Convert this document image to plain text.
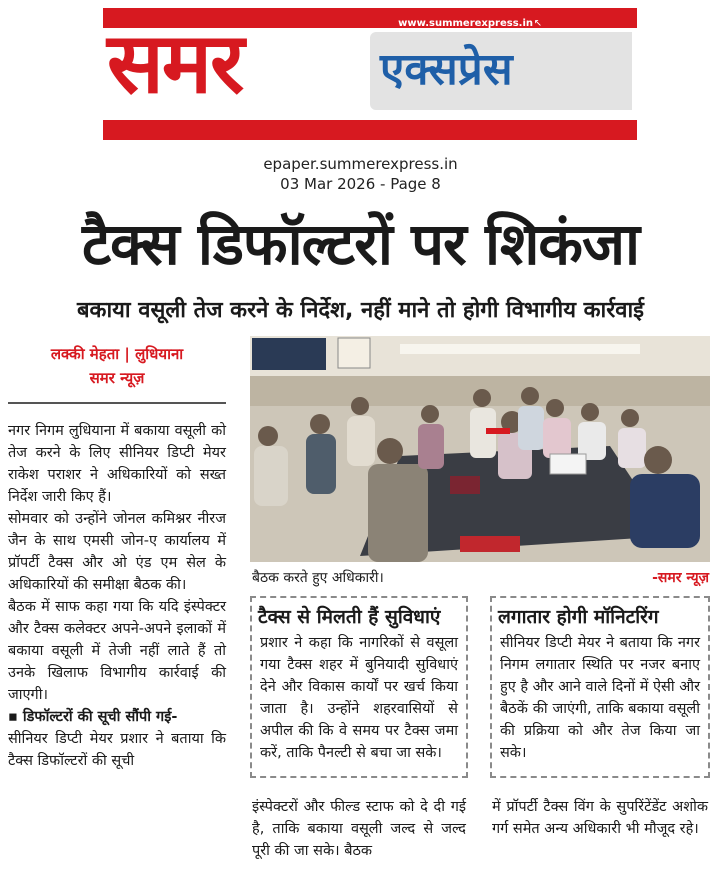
www.summerexpress.in ↖
समर	एक्सप्रेस
epaper.summerexpress.in
03 Mar 2026 - Page 8
टैक्स डिफॉल्टरों पर शिकंजा
बकाया वसूली तेज करने के निर्देश, नहीं माने तो होगी विभागीय कार्रवाई
लक्की मेहता | लुधियाना
समर न्यूज़

नगर निगम लुधियाना में बकाया वसूली को तेज करने के लिए सीनियर डिप्टी मेयर राकेश पराशर ने अधिकारियों को सख्त निर्देश जारी किए हैं।

सोमवार को उन्होंने जोनल कमिश्नर नीरज जैन के साथ एमसी जोन-ए कार्यालय में प्रॉपर्टी टैक्स और ओ एंड एम सेल के अधिकारियों की समीक्षा बैठक की।

बैठक में साफ कहा गया कि यदि इंस्पेक्टर और टैक्स कलेक्टर अपने-अपने इलाकों में बकाया वसूली में तेजी नहीं लाते हैं तो उनके खिलाफ विभागीय कार्रवाई की जाएगी।

▪ डिफॉल्टरों की सूची सौंपी गई-

सीनियर डिप्टी मेयर प्रशार ने बताया कि टैक्स डिफॉल्टरों की सूची

बैठक करते हुए अधिकारी।	-समर न्यूज़
टैक्स से मिलती हैं सुविधाएं
प्रशार ने कहा कि नागरिकों से वसूला गया टैक्स शहर में बुनियादी सुविधाएं देने और विकास कार्यों पर खर्च किया जाता है। उन्होंने शहरवासियों से अपील की कि वे समय पर टैक्स जमा करें, ताकि पैनल्टी से बचा जा सके।
लगातार होगी मॉनिटरिंग
सीनियर डिप्टी मेयर ने बताया कि नगर निगम लगातार स्थिति पर नजर बनाए हुए है और आने वाले दिनों में ऐसी और बैठकें की जाएंगी, ताकि बकाया वसूली की प्रक्रिया को और तेज किया जा सके।
इंस्पेक्टरों और फील्ड स्टाफ को दे दी गई है, ताकि बकाया वसूली जल्द से जल्द पूरी की जा सके। बैठक
में प्रॉपर्टी टैक्स विंग के सुपरिंटेंडेंट अशोक गर्ग समेत अन्य अधिकारी भी मौजूद रहे।
